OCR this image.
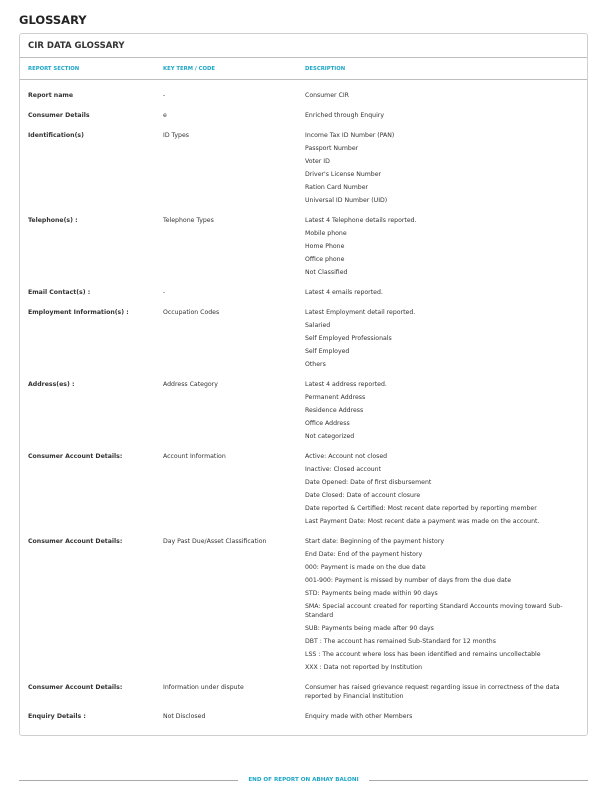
GLOSSARY
CIR DATA GLOSSARY
REPORT SECTION	KEY TERM / CODE	DESCRIPTION
Report name	-	Consumer CIR
Consumer Details	e	Enriched through Enquiry
Identification(s)	ID Types	Income Tax ID Number (PAN)
Passport Number
Voter ID
Driver's License Number
Ration Card Number
Universal ID Number (UID)
Telephone(s) :	Telephone Types	Latest 4 Telephone details reported.
Mobile phone
Home Phone
Office phone
Not Classified
Email Contact(s) :	-	Latest 4 emails reported.
Employment Information(s) :	Occupation Codes	Latest Employment detail reported.
Salaried
Self Employed Professionals
Self Employed
Others
Address(es) :	Address Category	Latest 4 address reported.
Permanent Address
Residence Address
Office Address
Not categorized
Consumer Account Details:	Account Information	Active: Account not closed
Inactive: Closed account
Date Opened: Date of first disbursement
Date Closed: Date of account closure
Date reported & Certified: Most recent date reported by reporting member
Last Payment Date: Most recent date a payment was made on the account.
Consumer Account Details:	Day Past Due/Asset Classification	Start date: Beginning of the payment history
End Date: End of the payment history
000: Payment is made on the due date
001-900: Payment is missed by number of days from the due date
STD: Payments being made within 90 days
SMA: Special account created for reporting Standard Accounts moving toward Sub-Standard
SUB: Payments being made after 90 days
DBT : The account has remained Sub-Standard for 12 months
LSS : The account where loss has been identified and remains uncollectable
XXX : Data not reported by Institution
Consumer Account Details:	Information under dispute	Consumer has raised grievance request regarding issue in correctness of the data reported by Financial Institution
Enquiry Details :	Not Disclosed	Enquiry made with other Members
END OF REPORT ON ABHAY BALONI
